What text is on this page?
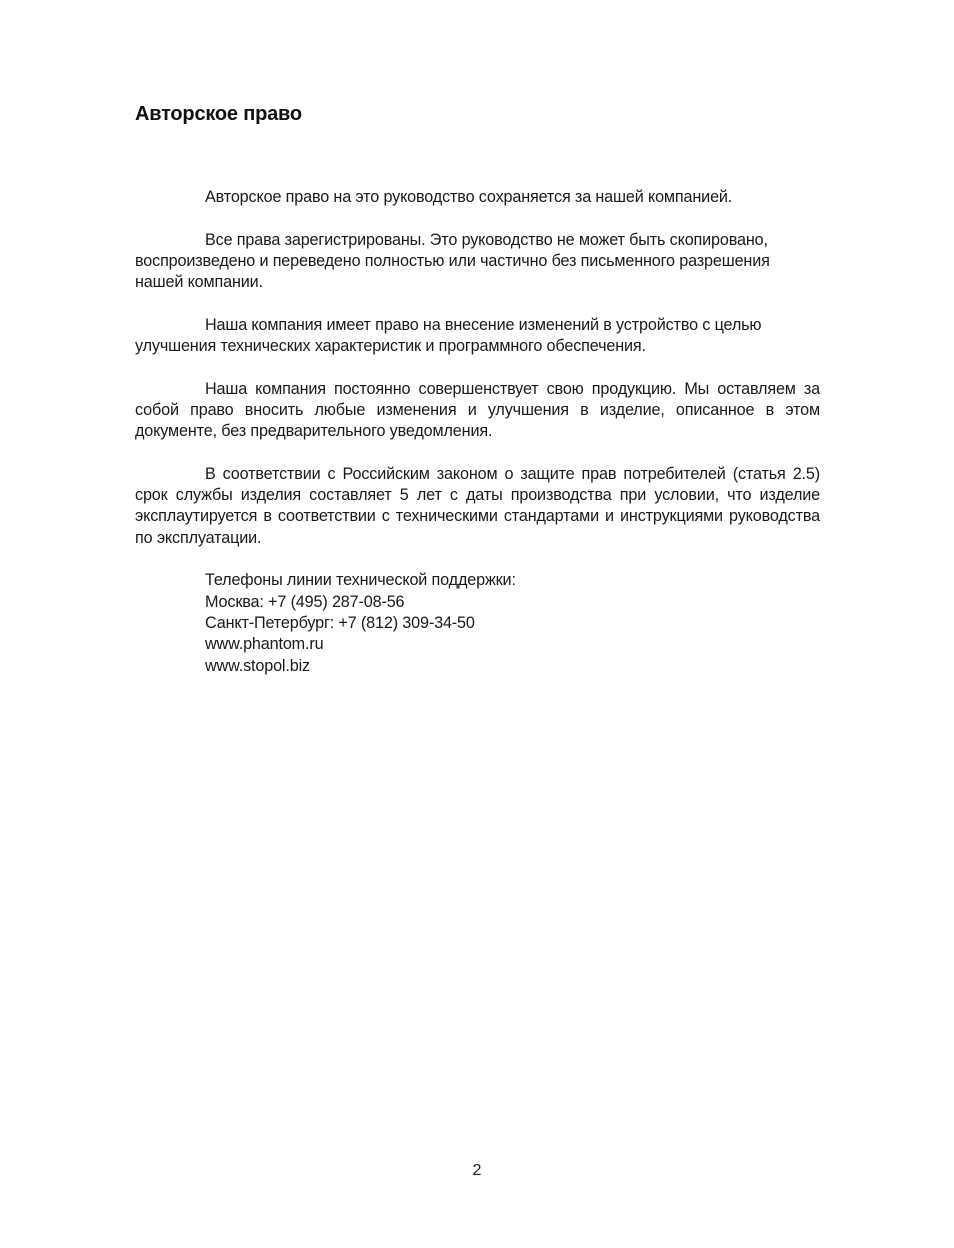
Авторское право

Авторское право на это руководство сохраняется за нашей компанией.

Все права зарегистрированы. Это руководство не может быть скопировано, воспроизведено и переведено полностью или частично без письменного разрешения нашей компании.

Наша компания имеет право на внесение изменений в устройство с целью улучшения технических характеристик и программного обеспечения.

Наша компания постоянно совершенствует свою продукцию. Мы оставляем за собой право вносить любые изменения и улучшения в изделие, описанное в этом документе, без предварительного уведомления.

В соответствии с Российским законом о защите прав потребителей (статья 2.5) срок службы изделия составляет 5 лет с даты производства при условии, что изделие эксплаутируется в соответствии с техническими стандартами и инструкциями руководства по эксплуатации.

Телефоны линии технической поддержки:
Москва: +7 (495) 287-08-56
Санкт-Петербург: +7 (812) 309-34-50
www.phantom.ru
www.stopol.biz
2
